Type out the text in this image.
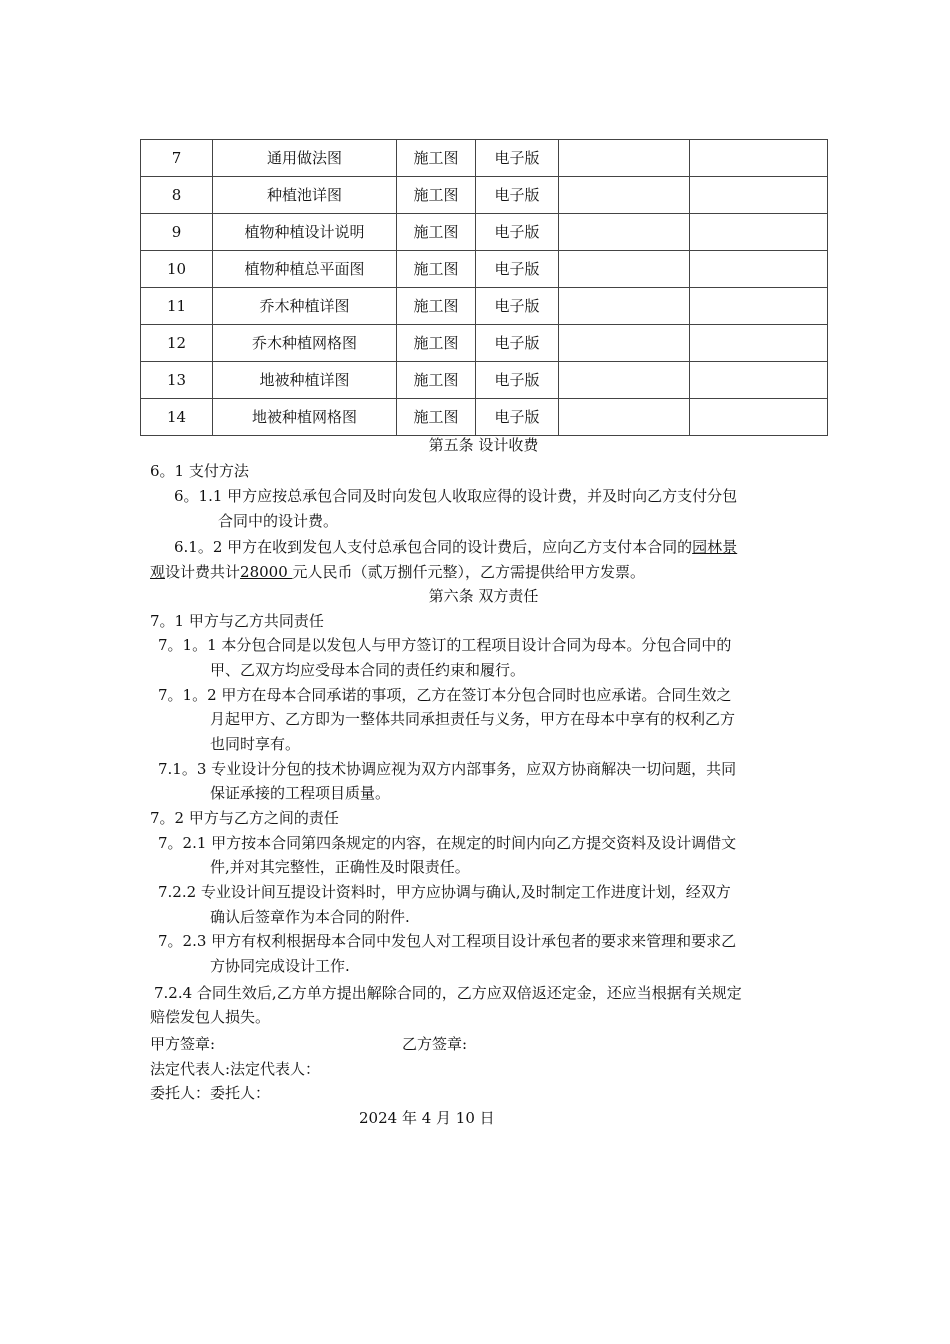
7	通用做法图	施工图	电子版		
8	种植池详图	施工图	电子版		
9	植物种植设计说明	施工图	电子版		
10	植物种植总平面图	施工图	电子版		
11	乔木种植详图	施工图	电子版		
12	乔木种植网格图	施工图	电子版		
13	地被种植详图	施工图	电子版		
14	地被种植网格图	施工图	电子版		
第五条 设计收费
6。1 支付方法
6。1.1 甲方应按总承包合同及时向发包人收取应得的设计费，并及时向乙方支付分包
合同中的设计费。
6.1。2 甲方在收到发包人支付总承包合同的设计费后，应向乙方支付本合同的园林景
观设计费共计28000 元人民币（贰万捌仟元整），乙方需提供给甲方发票。
第六条 双方责任
7。1 甲方与乙方共同责任
7。1。1 本分包合同是以发包人与甲方签订的工程项目设计合同为母本。分包合同中的
甲、乙双方均应受母本合同的责任约束和履行。
7。1。2 甲方在母本合同承诺的事项，乙方在签订本分包合同时也应承诺。合同生效之
月起甲方、乙方即为一整体共同承担责任与义务，甲方在母本中享有的权利乙方
也同时享有。
7.1。3 专业设计分包的技术协调应视为双方内部事务，应双方协商解决一切问题，共同
保证承接的工程项目质量。
7。2 甲方与乙方之间的责任
7。2.1 甲方按本合同第四条规定的内容，在规定的时间内向乙方提交资料及设计调借文
件,并对其完整性，正确性及时限责任。
7.2.2 专业设计间互提设计资料时，甲方应协调与确认,及时制定工作进度计划，经双方
确认后签章作为本合同的附件.
7。2.3 甲方有权利根据母本合同中发包人对工程项目设计承包者的要求来管理和要求乙
方协同完成设计工作.
7.2.4 合同生效后,乙方单方提出解除合同的，乙方应双倍返还定金，还应当根据有关规定
赔偿发包人损失。
甲方签章:	乙方签章:
法定代表人:法定代表人：
委托人：委托人：
2024 年 4 月 10 日
